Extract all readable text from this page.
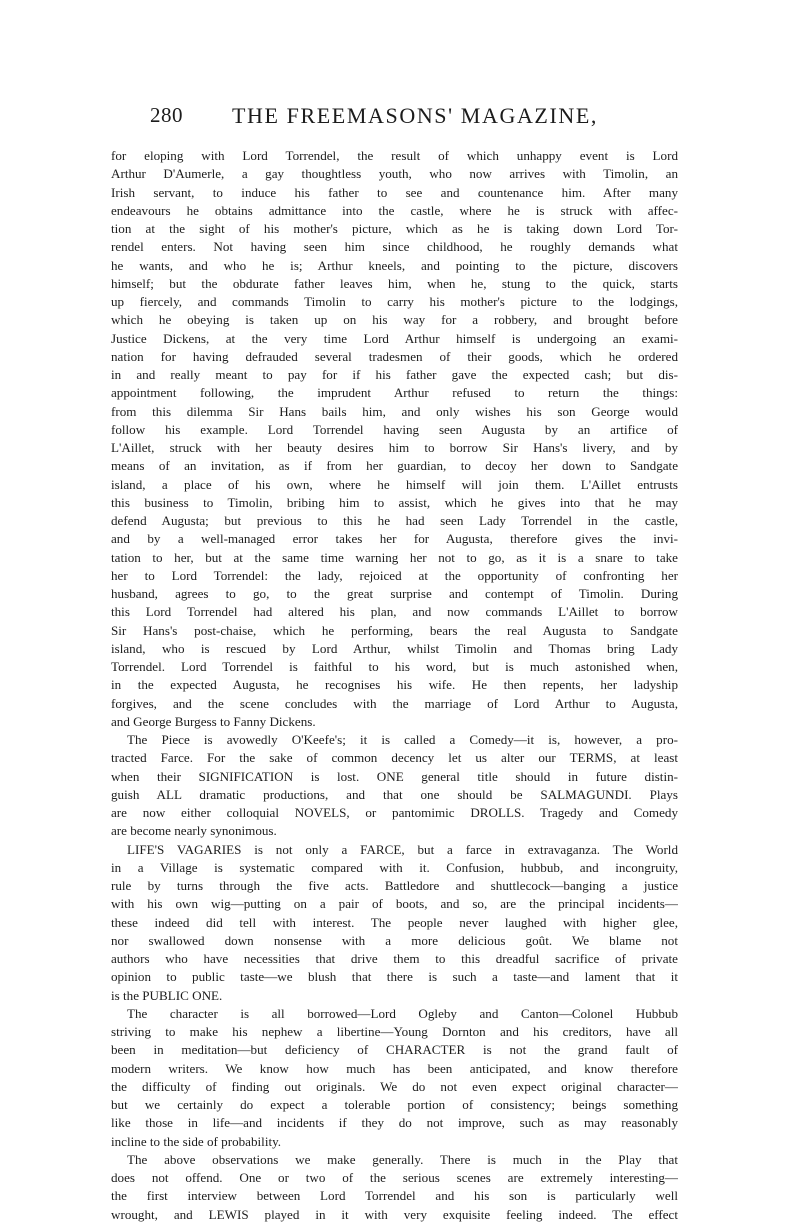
280 THE FREEMASONS' MAGAZINE,

for eloping with Lord Torrendel, the result of which unhappy event is Lord

Arthur D'Aumerle, a gay thoughtless youth, who now arrives with Timolin, an

Irish servant, to induce his father to see and countenance him. After many

endeavours he obtains admittance into the castle, where he is struck with affec-

tion at the sight of his mother's picture, which as he is taking down Lord Tor-

rendel enters. Not having seen him since childhood, he roughly demands what

he wants, and who he is; Arthur kneels, and pointing to the picture, discovers

himself; but the obdurate father leaves him, when he, stung to the quick, starts

up fiercely, and commands Timolin to carry his mother's picture to the lodgings,

which he obeying is taken up on his way for a robbery, and brought before

Justice Dickens, at the very time Lord Arthur himself is undergoing an exami-

nation for having defrauded several tradesmen of their goods, which he ordered

in and really meant to pay for if his father gave the expected cash; but dis-

appointment following, the imprudent Arthur refused to return the things:

from this dilemma Sir Hans bails him, and only wishes his son George would

follow his example. Lord Torrendel having seen Augusta by an artifice of

L'Aillet, struck with her beauty desires him to borrow Sir Hans's livery, and by

means of an invitation, as if from her guardian, to decoy her down to Sandgate

island, a place of his own, where he himself will join them. L'Aillet entrusts

this business to Timolin, bribing him to assist, which he gives into that he may

defend Augusta; but previous to this he had seen Lady Torrendel in the castle,

and by a well-managed error takes her for Augusta, therefore gives the invi-

tation to her, but at the same time warning her not to go, as it is a snare to take

her to Lord Torrendel: the lady, rejoiced at the opportunity of confronting her

husband, agrees to go, to the great surprise and contempt of Timolin. During

this Lord Torrendel had altered his plan, and now commands L'Aillet to borrow

Sir Hans's post-chaise, which he performing, bears the real Augusta to Sandgate

island, who is rescued by Lord Arthur, whilst Timolin and Thomas bring Lady

Torrendel. Lord Torrendel is faithful to his word, but is much astonished when,

in the expected Augusta, he recognises his wife. He then repents, her ladyship

forgives, and the scene concludes with the marriage of Lord Arthur to Augusta,

and George Burgess to Fanny Dickens.

The Piece is avowedly O'Keefe's; it is called a Comedy—it is, however, a pro-

tracted Farce. For the sake of common decency let us alter our TERMS, at least

when their SIGNIFICATION is lost. ONE general title should in future distin-

guish ALL dramatic productions, and that one should be SALMAGUNDI. Plays

are now either colloquial NOVELS, or pantomimic DROLLS. Tragedy and Comedy

are become nearly synonimous.

LIFE'S VAGARIES is not only a FARCE, but a farce in extravaganza. The World

in a Village is systematic compared with it. Confusion, hubbub, and incongruity,

rule by turns through the five acts. Battledore and shuttlecock—banging a justice

with his own wig—putting on a pair of boots, and so, are the principal incidents—

these indeed did tell with interest. The people never laughed with higher glee,

nor swallowed down nonsense with a more delicious goût. We blame not

authors who have necessities that drive them to this dreadful sacrifice of private

opinion to public taste—we blush that there is such a taste—and lament that it

is the PUBLIC ONE.

The character is all borrowed—Lord Ogleby and Canton—Colonel Hubbub

striving to make his nephew a libertine—Young Dornton and his creditors, have all

been in meditation—but deficiency of CHARACTER is not the grand fault of

modern writers. We know how much has been anticipated, and know therefore

the difficulty of finding out originals. We do not even expect original character—

but we certainly do expect a tolerable portion of consistency; beings something

like those in life—and incidents if they do not improve, such as may reasonably

incline to the side of probability.

The above observations we make generally. There is much in the Play that

does not offend. One or two of the serious scenes are extremely interesting—

the first interview between Lord Torrendel and his son is particularly well

wrought, and LEWIS played in it with very exquisite feeling indeed. The effect
